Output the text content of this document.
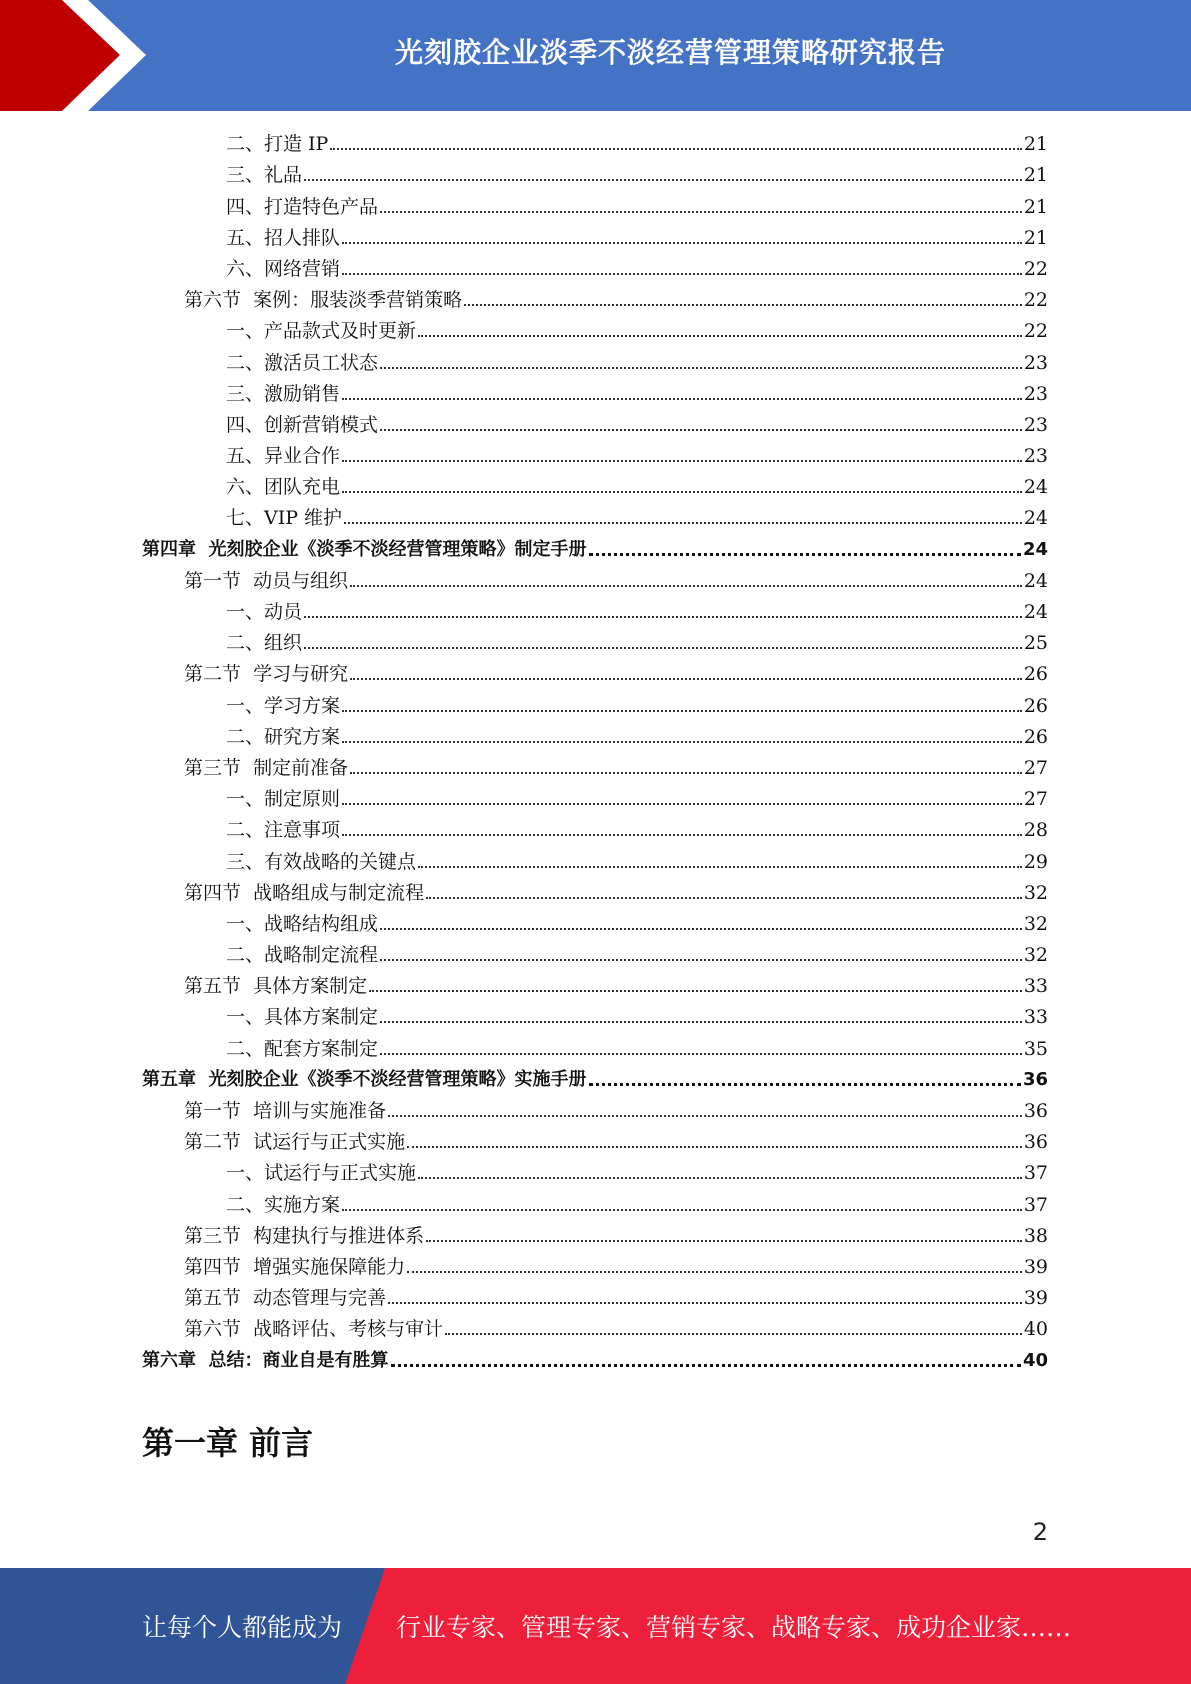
光刻胶企业淡季不淡经营管理策略研究报告
二、打造 IP	21
三、礼品	21
四、打造特色产品	21
五、招人排队	21
六、网络营销	22
第六节  案例：服装淡季营销策略	22
一、产品款式及时更新	22
二、激活员工状态	23
三、激励销售	23
四、创新营销模式	23
五、异业合作	23
六、团队充电	24
七、VIP 维护	24
第四章  光刻胶企业《淡季不淡经营管理策略》制定手册	24
第一节  动员与组织	24
一、动员	24
二、组织	25
第二节  学习与研究	26
一、学习方案	26
二、研究方案	26
第三节  制定前准备	27
一、制定原则	27
二、注意事项	28
三、有效战略的关键点	29
第四节  战略组成与制定流程	32
一、战略结构组成	32
二、战略制定流程	32
第五节  具体方案制定	33
一、具体方案制定	33
二、配套方案制定	35
第五章  光刻胶企业《淡季不淡经营管理策略》实施手册	36
第一节  培训与实施准备	36
第二节  试运行与正式实施	36
一、试运行与正式实施	37
二、实施方案	37
第三节  构建执行与推进体系	38
第四节  增强实施保障能力	39
第五节  动态管理与完善	39
第六节  战略评估、考核与审计	40
第六章  总结：商业自是有胜算	40
第一章 前言
2
让每个人都能成为 行业专家、管理专家、营销专家、战略专家、成功企业家……
